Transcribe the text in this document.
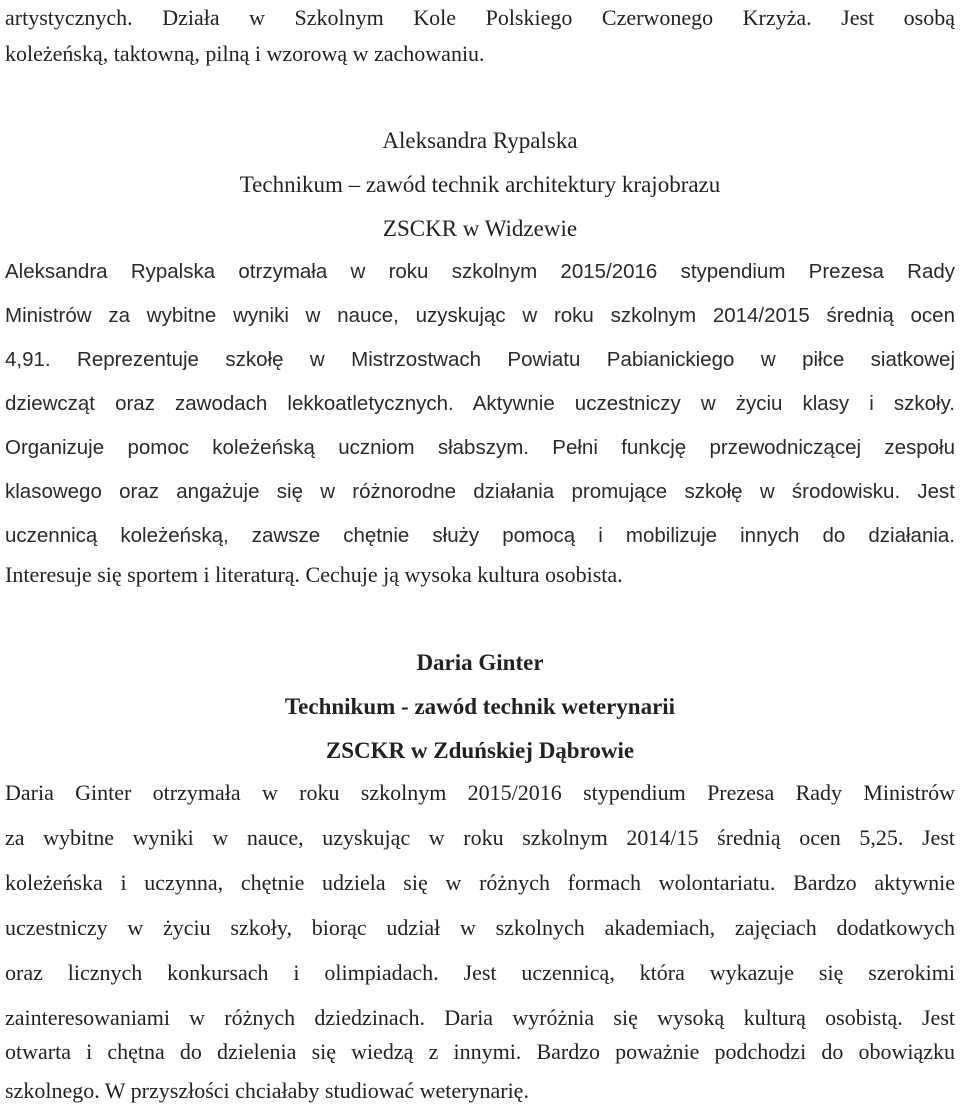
artystycznych. Działa w Szkolnym Kole Polskiego Czerwonego Krzyża. Jest osobą
koleżeńską, taktowną, pilną i wzorową w zachowaniu.
Aleksandra Rypalska
Technikum – zawód technik architektury krajobrazu
ZSCKR w Widzewie
Aleksandra Rypalska otrzymała w roku szkolnym 2015/2016 stypendium Prezesa Rady
Ministrów za wybitne wyniki w nauce, uzyskując w roku szkolnym 2014/2015 średnią ocen
4,91. Reprezentuje szkołę w Mistrzostwach Powiatu Pabianickiego w piłce siatkowej
dziewcząt oraz zawodach lekkoatletycznych. Aktywnie uczestniczy w życiu klasy i szkoły.
Organizuje pomoc koleżeńską uczniom słabszym. Pełni funkcję przewodniczącej zespołu
klasowego oraz angażuje się w różnorodne działania promujące szkołę w środowisku. Jest
uczennicą koleżeńską, zawsze chętnie służy pomocą i mobilizuje innych do działania.
Interesuje się sportem i literaturą. Cechuje ją wysoka kultura osobista.
Daria Ginter
Technikum - zawód technik weterynarii
ZSCKR w Zduńskiej Dąbrowie
Daria Ginter otrzymała w roku szkolnym 2015/2016 stypendium Prezesa Rady Ministrów
za wybitne wyniki w nauce, uzyskując w roku szkolnym 2014/15 średnią ocen 5,25. Jest
koleżeńska i uczynna, chętnie udziela się w różnych formach wolontariatu. Bardzo aktywnie
uczestniczy w życiu szkoły, biorąc udział w szkolnych akademiach, zajęciach dodatkowych
oraz licznych konkursach i olimpiadach. Jest uczennicą, która wykazuje się szerokimi
zainteresowaniami w różnych dziedzinach. Daria wyróżnia się wysoką kulturą osobistą. Jest
otwarta i chętna do dzielenia się wiedzą z innymi. Bardzo poważnie podchodzi do obowiązku
szkolnego. W przyszłości chciałaby studiować weterynarię.
